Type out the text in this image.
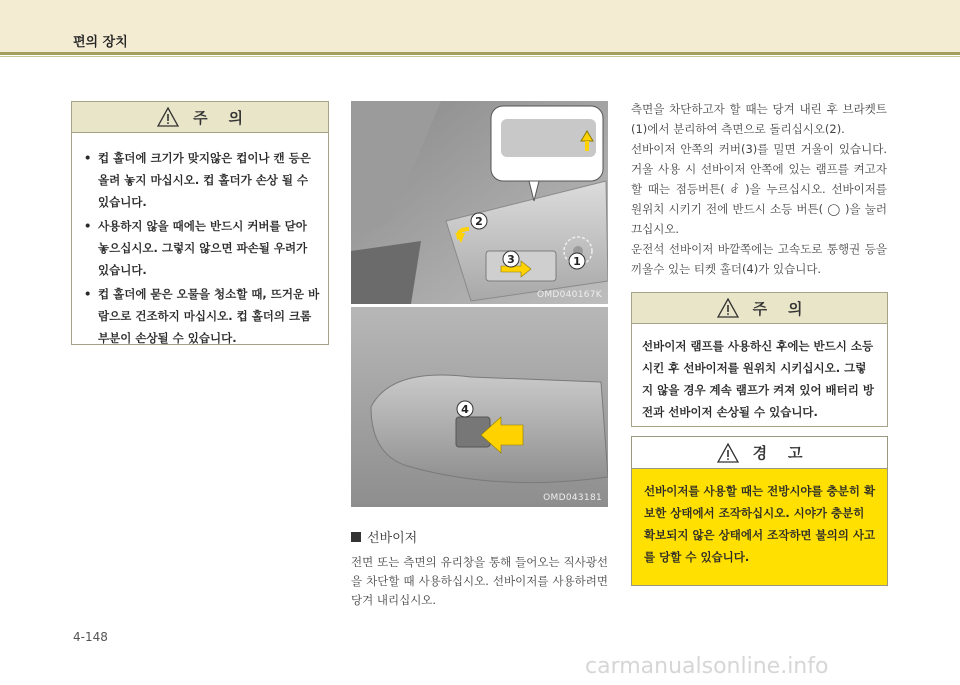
편의 장치
주    의
• 컵 홀더에 크기가 맞지않은 컵이나 캔 등은 올려 놓지 마십시오. 컵 홀더가 손상 될 수 있습니다.
• 사용하지 않을 때에는 반드시 커버를 닫아 놓으십시오. 그렇지 않으면 파손될 우려가 있습니다.
• 컵 홀더에 묻은 오물을 청소할 때, 뜨거운 바람으로 건조하지 마십시오. 컵 홀더의 크롬부분이 손상될 수 있습니다.
2
3	1
OMD040167K
4
OMD043181
선바이저
전면 또는 측면의 유리창을 통해 들어오는 직사광선을 차단할 때 사용하십시오. 선바이저를 사용하려면 당겨 내리십시오.

측면을 차단하고자 할 때는 당겨 내린 후 브라켓트(1)에서 분리하여 측면으로 돌리십시오(2).

선바이저 안쪽의 커버(3)를 밀면 거울이 있습니다. 거울 사용 시 선바이저 안쪽에 있는 램프를 켜고자 할 때는 점등버튼( ꆀ )을 누르십시오. 선바이저를 원위치 시키기 전에 반드시 소등 버튼( ◯ )을 눌러 끄십시오.

운전석 선바이저 바깥쪽에는 고속도로 통행권 등을 끼울수 있는 티켓 홀더(4)가 있습니다.

주    의
선바이저 램프를 사용하신 후에는 반드시 소등시킨 후 선바이저를 원위치 시키십시오. 그렇지 않을 경우 계속 램프가 켜져 있어 배터리 방전과 선바이저 손상될 수 있습니다.
경    고
선바이저를 사용할 때는 전방시야를 충분히 확보한 상태에서 조작하십시오. 시야가 충분히 확보되지 않은 상태에서 조작하면 불의의 사고를 당할 수 있습니다.
4-148
carmanualsonline.info
